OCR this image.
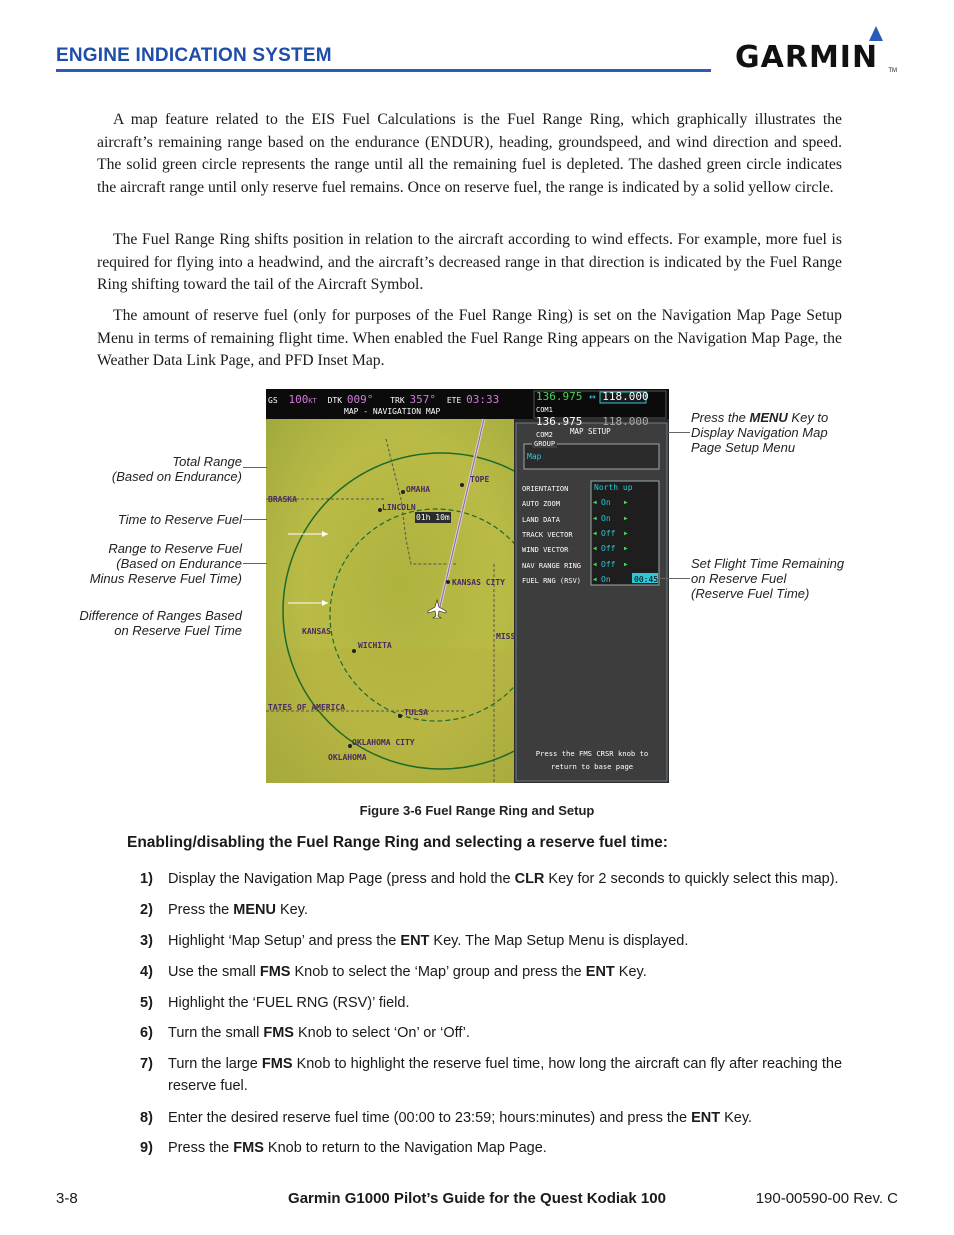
ENGINE INDICATION SYSTEM	GARMIN TM
A map feature related to the EIS Fuel Calculations is the Fuel Range Ring, which graphically illustrates the aircraft’s remaining range based on the endurance (ENDUR), heading, groundspeed, and wind direction and speed. The solid green circle represents the range until all the remaining fuel is depleted. The dashed green circle indicates the aircraft range until only reserve fuel remains. Once on reserve fuel, the range is indicated by a solid yellow circle.
The Fuel Range Ring shifts position in relation to the aircraft according to wind effects. For example, more fuel is required for flying into a headwind, and the aircraft’s decreased range in that direction is indicated by the Fuel Range Ring shifting toward the tail of the Aircraft Symbol.
The amount of reserve fuel (only for purposes of the Fuel Range Ring) is set on the Navigation Map Page Setup Menu in terms of remaining flight time. When enabled the Fuel Range Ring appears on the Navigation Map Page, the Weather Data Link Page, and PFD Inset Map.
GS 100KT DTK 009° TRK 357° ETE 03:33	136.975 ↔ 118.000 COM1
136.975 118.000 COM2
MAP - NAVIGATION MAP
BRASKA
OMAHA
LINCOLN
TOPE
KANSAS CITY
KANSAS
WICHITA
MISS
TATES OF AMERICA
TULSA
OKLAHOMA CITY
OKLAHOMA
01h 10m
MAP SETUP
GROUP
Map
ORIENTATION	North up
AUTO ZOOM	◀ On ▶
LAND DATA	◀ On ▶
TRACK VECTOR	◀ Off ▶
WIND VECTOR	◀ Off ▶
NAV RANGE RING ◀ Off ▶
FUEL RNG (RSV) ◀ On	00:45
Press the FMS CRSR knob to
return to base page
Total Range
(Based on Endurance)
Time to Reserve Fuel
Range to Reserve Fuel
(Based on Endurance
Minus Reserve Fuel Time)
Difference of Ranges Based
on Reserve Fuel Time
Press the MENU Key to
Display Navigation Map
Page Setup Menu
Set Flight Time Remaining
on Reserve Fuel
(Reserve Fuel Time)
Figure 3-6 Fuel Range Ring and Setup
Enabling/disabling the Fuel Range Ring and selecting a reserve fuel time:
1) Display the Navigation Map Page (press and hold the CLR Key for 2 seconds to quickly select this map).
2) Press the MENU Key.
3) Highlight ‘Map Setup’ and press the ENT Key. The Map Setup Menu is displayed.
4) Use the small FMS Knob to select the ‘Map’ group and press the ENT Key.
5) Highlight the ‘FUEL RNG (RSV)’ field.
6) Turn the small FMS Knob to select ‘On’ or ‘Off’.
7) Turn the large FMS Knob to highlight the reserve fuel time, how long the aircraft can fly after reaching the reserve fuel.
8) Enter the desired reserve fuel time (00:00 to 23:59; hours:minutes) and press the ENT Key.
9) Press the FMS Knob to return to the Navigation Map Page.
3-8	Garmin G1000 Pilot’s Guide for the Quest Kodiak 100	190-00590-00 Rev. C
